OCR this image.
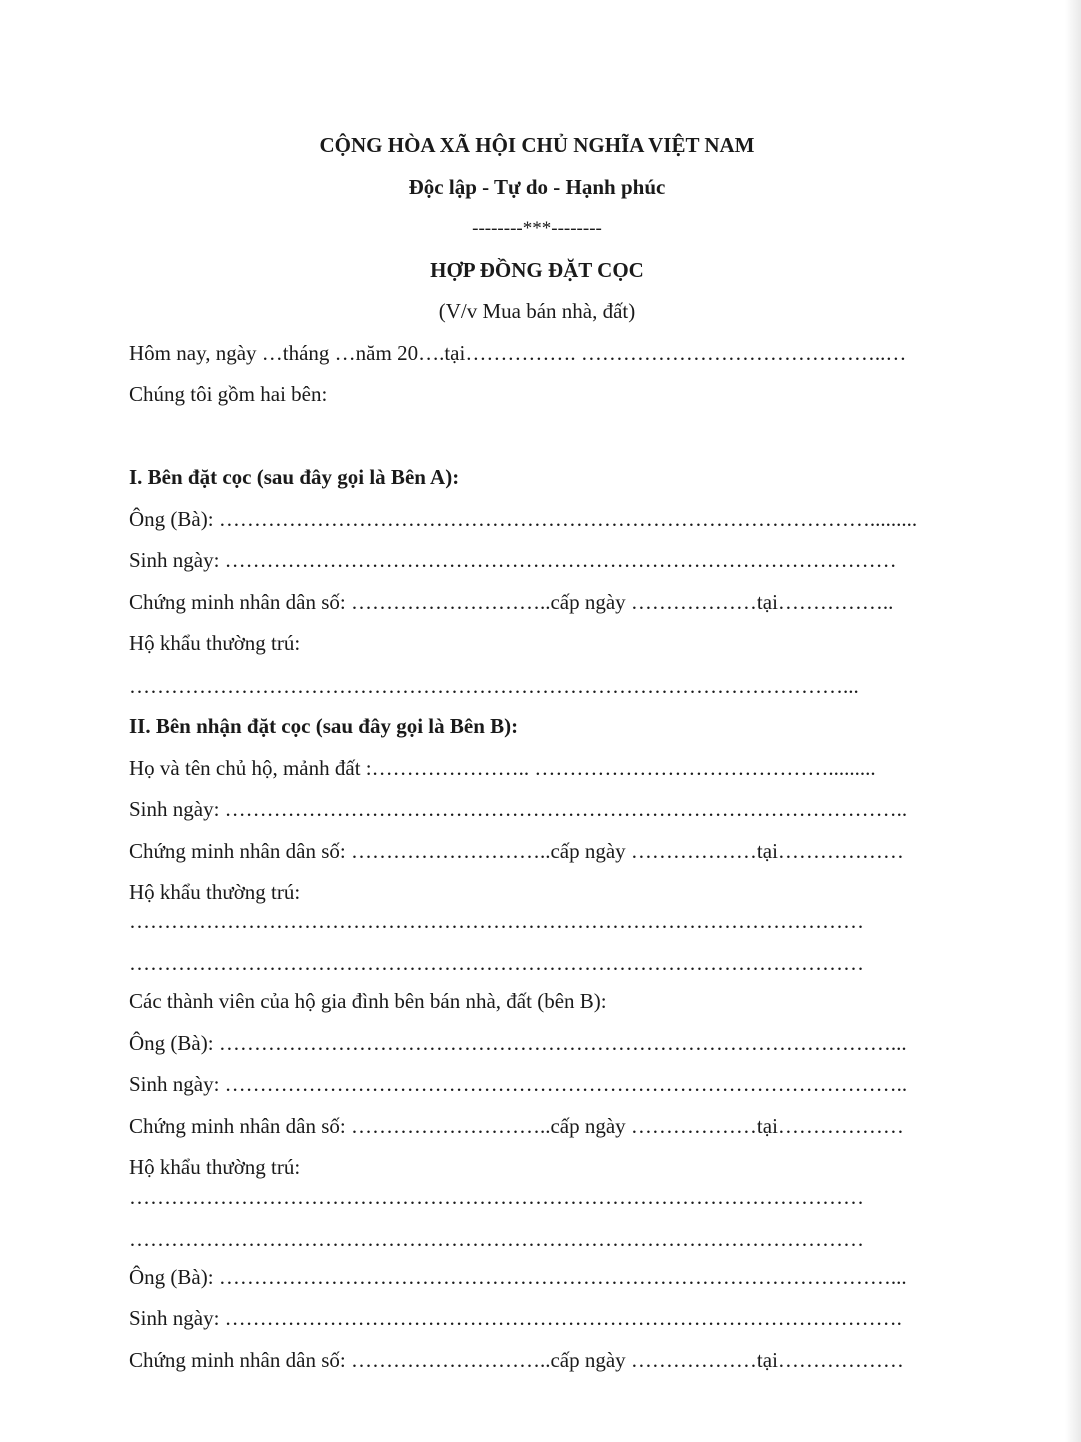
CỘNG HÒA XÃ HỘI CHỦ NGHĨA VIỆT NAM
Độc lập - Tự do - Hạnh phúc
--------***--------
HỢP ĐỒNG ĐẶT CỌC
(V/v Mua bán nhà, đất)
Hôm nay, ngày …tháng …năm 20….tại……………. ……………………………………..…
Chúng tôi gồm hai bên:
I. Bên đặt cọc (sau đây gọi là Bên A):
Ông (Bà): ………………………………………………………………………………….........
Sinh ngày: ……………………………………………………………………………………
Chứng minh nhân dân số: ………………………..cấp ngày ………………tại……………..
Hộ khẩu thường trú:
…………………………………………………………………………………………...
II. Bên nhận đặt cọc (sau đây gọi là Bên B):
Họ và tên chủ hộ, mảnh đất :………………….. …………………………………….........
Sinh ngày: ……………………………………………………………………………………..
Chứng minh nhân dân số: ………………………..cấp ngày ………………tại………………
Hộ khẩu thường trú:
……………………………………………………………………………………………
……………………………………………………………………………………………
Các thành viên của hộ gia đình bên bán nhà, đất (bên B):
Ông (Bà): ……………………………………………………………………………………...
Sinh ngày: ……………………………………………………………………………………..
Chứng minh nhân dân số: ………………………..cấp ngày ………………tại………………
Hộ khẩu thường trú:
……………………………………………………………………………………………
……………………………………………………………………………………………
Ông (Bà): ……………………………………………………………………………………...
Sinh ngày: …………………………………………………………………………………….
Chứng minh nhân dân số: ………………………..cấp ngày ………………tại………………
